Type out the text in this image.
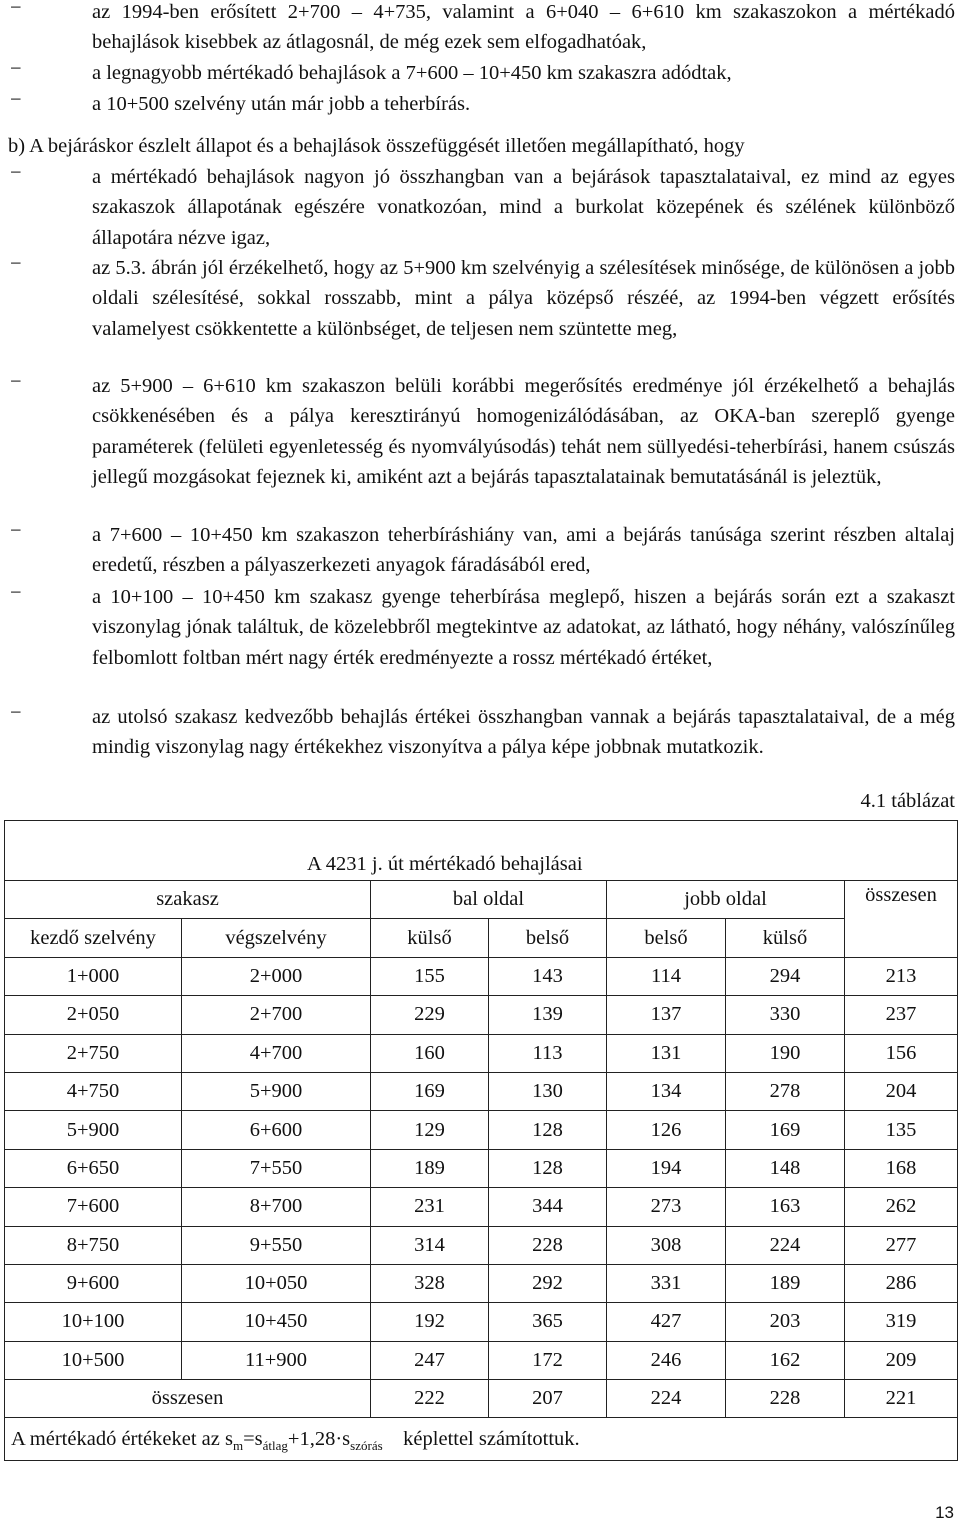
−	az 1994-ben erősített 2+700 – 4+735, valamint a 6+040 – 6+610 km szakaszokon a mértékadó behajlások kisebbek az átlagosnál, de még ezek sem elfogadhatóak,
−	a legnagyobb mértékadó behajlások a 7+600 – 10+450 km szakaszra adódtak,
−	a 10+500 szelvény után már jobb a teherbírás.
b) A bejáráskor észlelt állapot és a behajlások összefüggését illetően megállapítható, hogy
−	a mértékadó behajlások nagyon jó összhangban van a bejárások tapasztalataival, ez mind az egyes szakaszok állapotának egészére vonatkozóan, mind a burkolat közepének és szélének különböző állapotára nézve igaz,
−	az 5.3. ábrán jól érzékelhető, hogy az 5+900 km szelvényig a szélesítések minősége, de különösen a jobb oldali szélesítésé, sokkal rosszabb, mint a pálya középső részéé, az 1994-ben végzett erősítés valamelyest csökkentette a különbséget, de teljesen nem szüntette meg,
−	az 5+900 – 6+610 km szakaszon belüli korábbi megerősítés eredménye jól érzékelhető a behajlás csökkenésében és a pálya keresztirányú homogenizálódásában, az OKA-ban szereplő gyenge paraméterek (felületi egyenletesség és nyomvályúsodás) tehát nem süllyedési-teherbírási, hanem csúszás jellegű mozgásokat fejeznek ki, amiként azt a bejárás tapasztalatainak bemutatásánál is jeleztük,
−	a 7+600 – 10+450 km szakaszon teherbíráshiány van, ami a bejárás tanúsága szerint részben altalaj eredetű, részben a pályaszerkezeti anyagok fáradásából ered,
−	a 10+100 – 10+450 km szakasz gyenge teherbírása meglepő, hiszen a bejárás során ezt a szakaszt viszonylag jónak találtuk, de közelebbről megtekintve az adatokat, az látható, hogy néhány, valószínűleg felbomlott foltban mért nagy érték eredményezte a rossz mértékadó értéket,
−	az utolsó szakasz kedvezőbb behajlás értékei összhangban vannak a bejárás tapasztalataival, de a még mindig viszonylag nagy értékekhez viszonyítva a pálya képe jobbnak mutatkozik.
4.1 táblázat
A 4231 j. út mértékadó behajlásai						
szakasz		bal oldal		jobb oldal		összesen
kezdő szelvény	végszelvény	külső	belső	belső	külső	
1+000	2+000	155	143	114	294	213
2+050	2+700	229	139	137	330	237
2+750	4+700	160	113	131	190	156
4+750	5+900	169	130	134	278	204
5+900	6+600	129	128	126	169	135
6+650	7+550	189	128	194	148	168
7+600	8+700	231	344	273	163	262
8+750	9+550	314	228	308	224	277
9+600	10+050	328	292	331	189	286
10+100	10+450	192	365	427	203	319
10+500	11+900	247	172	246	162	209
összesen		222	207	224	228	221
A mértékadó értékeket az $s_m=s_{átlag}+1,28\cdot s_{szórás}$ képlettel számítottuk.						
13
